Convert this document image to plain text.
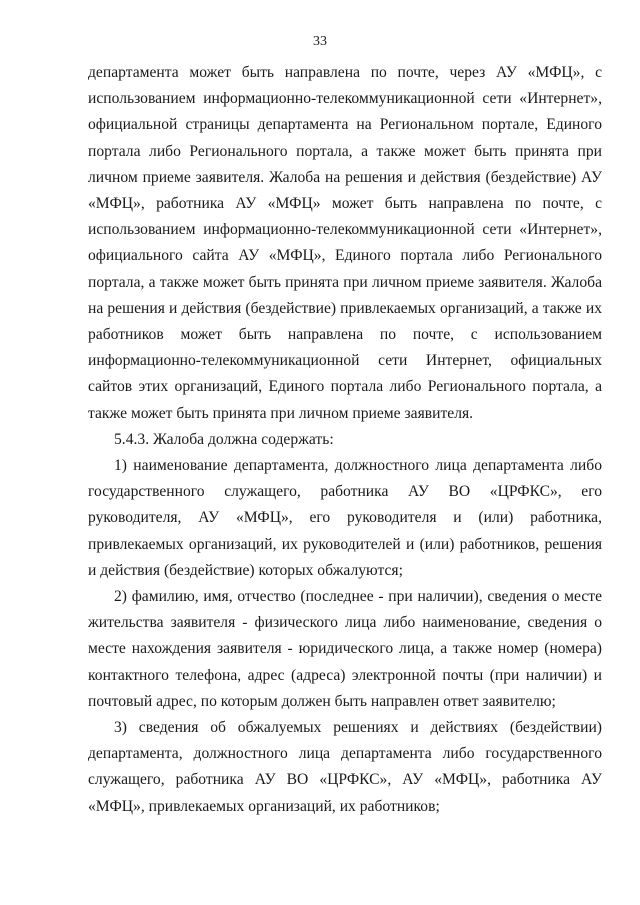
33

департамента может быть направлена по почте, через АУ «МФЦ», с использованием информационно-телекоммуникационной сети «Интернет», официальной страницы департамента на Региональном портале, Единого портала либо Регионального портала, а также может быть принята при личном приеме заявителя. Жалоба на решения и действия (бездействие) АУ «МФЦ», работника АУ «МФЦ» может быть направлена по почте, с использованием информационно-телекоммуникационной сети «Интернет», официального сайта АУ «МФЦ», Единого портала либо Регионального портала, а также может быть принята при личном приеме заявителя. Жалоба на решения и действия (бездействие) привлекаемых организаций, а также их работников может быть направлена по почте, с использованием информационно-телекоммуникационной сети Интернет, официальных сайтов этих организаций, Единого портала либо Регионального портала, а также может быть принята при личном приеме заявителя.

5.4.3. Жалоба должна содержать:

1) наименование департамента, должностного лица департамента либо государственного служащего, работника АУ ВО «ЦРФКС», его руководителя, АУ «МФЦ», его руководителя и (или) работника, привлекаемых организаций, их руководителей и (или) работников, решения и действия (бездействие) которых обжалуются;

2) фамилию, имя, отчество (последнее - при наличии), сведения о месте жительства заявителя - физического лица либо наименование, сведения о месте нахождения заявителя - юридического лица, а также номер (номера) контактного телефона, адрес (адреса) электронной почты (при наличии) и почтовый адрес, по которым должен быть направлен ответ заявителю;

3) сведения об обжалуемых решениях и действиях (бездействии) департамента, должностного лица департамента либо государственного служащего, работника АУ ВО «ЦРФКС», АУ «МФЦ», работника АУ «МФЦ», привлекаемых организаций, их работников;
